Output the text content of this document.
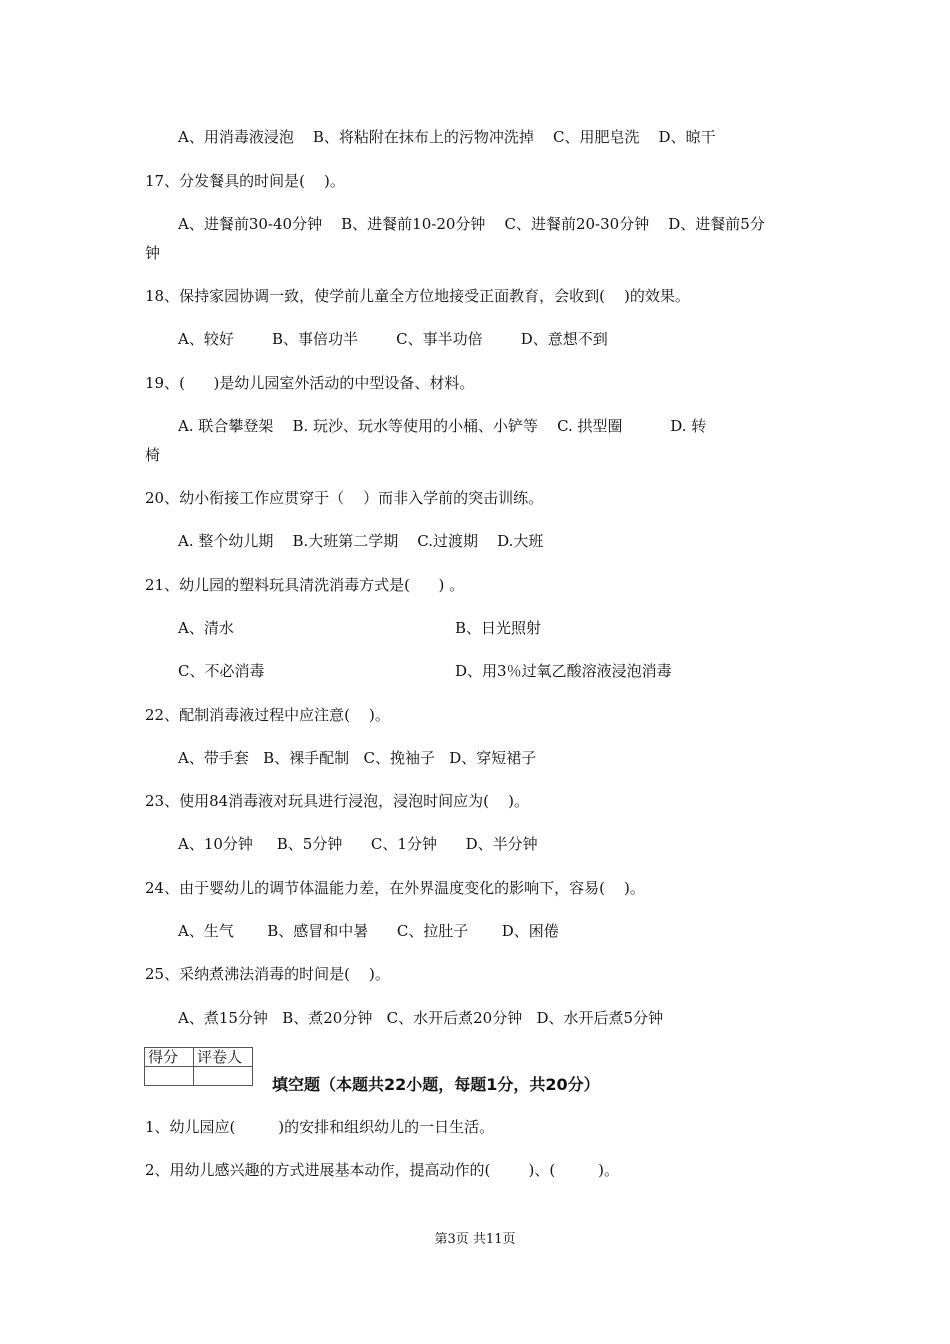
A、用消毒液浸泡    B、将粘附在抹布上的污物冲洗掉    C、用肥皂洗    D、晾干
17、分发餐具的时间是(    )。
A、进餐前30-40分钟    B、进餐前10-20分钟    C、进餐前20-30分钟    D、进餐前5分
钟
18、保持家园协调一致，使学前儿童全方位地接受正面教育，会收到(    )的效果。
A、较好        B、事倍功半        C、事半功倍        D、意想不到
19、(      )是幼儿园室外活动的中型设备、材料。
A. 联合攀登架    B. 玩沙、玩水等使用的小桶、小铲等    C. 拱型圈          D. 转
椅
20、幼小衔接工作应贯穿于（    ）而非入学前的突击训练。
A. 整个幼儿期    B.大班第二学期    C.过渡期    D.大班
21、幼儿园的塑料玩具清洗消毒方式是(      ) 。
A、清水	B、日光照射
C、不必消毒	D、用3％过氧乙酸溶液浸泡消毒
22、配制消毒液过程中应注意(    )。
A、带手套   B、裸手配制   C、挽袖子   D、穿短裙子
23、使用84消毒液对玩具进行浸泡，浸泡时间应为(    )。
A、10分钟     B、5分钟      C、1分钟      D、半分钟
24、由于婴幼儿的调节体温能力差，在外界温度变化的影响下，容易(    )。
A、生气       B、感冒和中暑      C、拉肚子       D、困倦
25、采纳煮沸法消毒的时间是(    )。
A、煮15分钟   B、煮20分钟   C、水开后煮20分钟   D、水开后煮5分钟
得分	评卷人

填空题（本题共22小题，每题1分，共20分）
1、幼儿园应(         )的安排和组织幼儿的一日生活。
2、用幼儿感兴趣的方式进展基本动作，提高动作的(        )、(         )。
第3页 共11页
